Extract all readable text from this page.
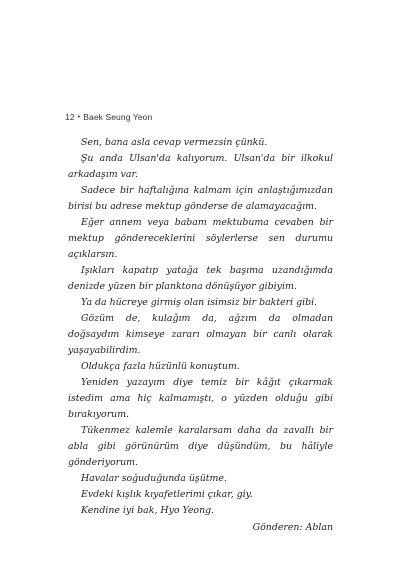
12 • Baek Seung Yeon

Sen, bana asla cevap vermezsin çünkü.

Şu anda Ulsan'da kalıyorum. Ulsan'da bir ilkokul arkadaşım var.

Sadece bir haftalığına kalmam için anlaştığımızdan birisi bu adrese mektup gönderse de alamayacağım.

Eğer annem veya babam mektubuma cevaben bir mektup göndereceklerini söylerlerse sen durumu açıklarsın.

Işıkları kapatıp yatağa tek başıma uzandığımda denizde yüzen bir planktona dönüşüyor gibiyim.

Ya da hücreye girmiş olan isimsiz bir bakteri gibi.

Gözüm de, kulağım da, ağzım da olmadan doğsaydım kimseye zararı olmayan bir canlı olarak yaşayabilirdim.

Oldukça fazla hüzünlü konuştum.

Yeniden yazayım diye temiz bir kâğıt çıkarmak istedim ama hiç kalmamıştı, o yüzden olduğu gibi bırakıyorum.

Tükenmez kalemle karalarsam daha da zavallı bir abla gibi görünürüm diye düşündüm, bu hâliyle gönderiyorum.

Havalar soğuduğunda üşütme.

Evdeki kışlık kıyafetlerimi çıkar, giy.

Kendine iyi bak, Hyo Yeong.

Gönderen: Ablan
